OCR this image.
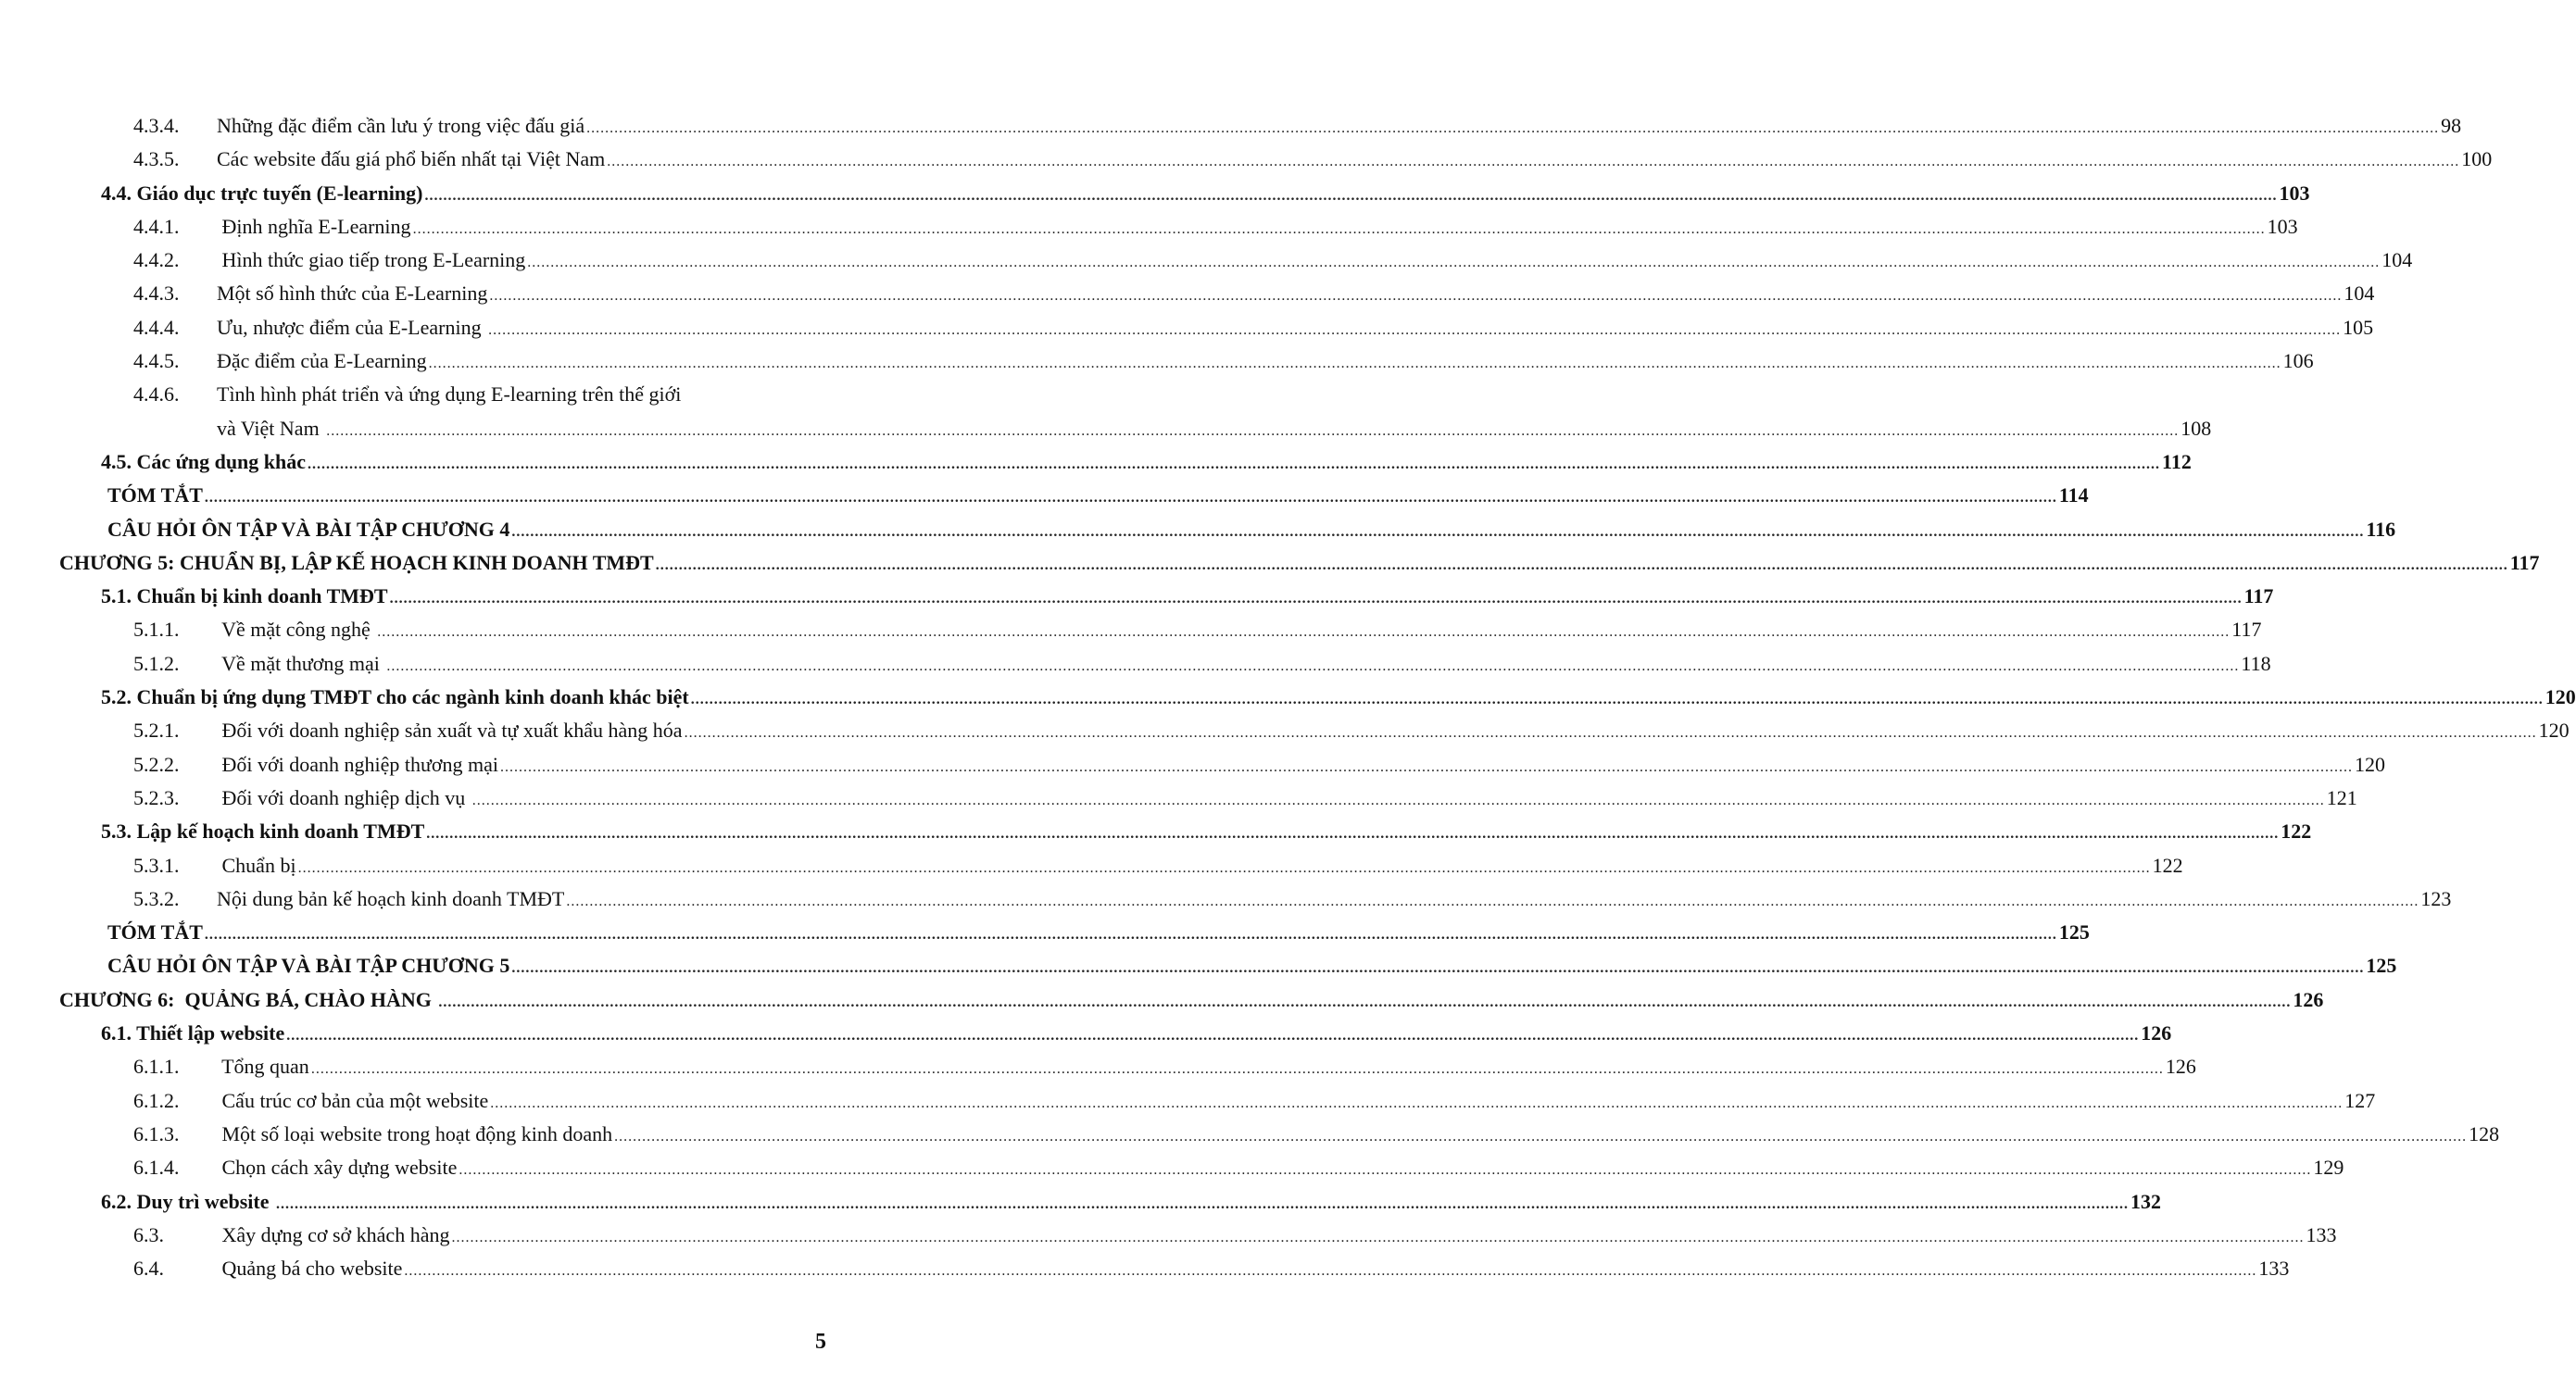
4.3.4. Những đặc điểm cần lưu ý trong việc đấu giá ................................................................................................................................................................................................................................................................................................................................................................................................................ 98
4.3.5. Các website đấu giá phổ biến nhất tại Việt Nam ................................................................................................................................................................................................................................................................................................................................................................................................................ 100
4.4. Giáo dục trực tuyến (E-learning) ................................................................................................................................................................................................................................................................................................................................................................................................................ 103
4.4.1. Định nghĩa E-Learning ................................................................................................................................................................................................................................................................................................................................................................................................................ 103
4.4.2. Hình thức giao tiếp trong E-Learning ................................................................................................................................................................................................................................................................................................................................................................................................................ 104
4.4.3. Một số hình thức của E-Learning ................................................................................................................................................................................................................................................................................................................................................................................................................ 104
4.4.4. Ưu, nhược điểm của E-Learning ................................................................................................................................................................................................................................................................................................................................................................................................................ 105
4.4.5. Đặc điểm của E-Learning ................................................................................................................................................................................................................................................................................................................................................................................................................ 106
4.4.6. Tình hình phát triển và ứng dụng E-learning trên thế giới
và Việt Nam ................................................................................................................................................................................................................................................................................................................................................................................................................ 108
4.5. Các ứng dụng khác ................................................................................................................................................................................................................................................................................................................................................................................................................ 112
TÓM TẮT ................................................................................................................................................................................................................................................................................................................................................................................................................ 114
CÂU HỎI ÔN TẬP VÀ BÀI TẬP CHƯƠNG 4 ................................................................................................................................................................................................................................................................................................................................................................................................................ 116
CHƯƠNG 5: CHUẨN BỊ, LẬP KẾ HOẠCH KINH DOANH TMĐT ................................................................................................................................................................................................................................................................................................................................................................................................................ 117
5.1. Chuẩn bị kinh doanh TMĐT ................................................................................................................................................................................................................................................................................................................................................................................................................ 117
5.1.1. Về mặt công nghệ ................................................................................................................................................................................................................................................................................................................................................................................................................ 117
5.1.2. Về mặt thương mại ................................................................................................................................................................................................................................................................................................................................................................................................................ 118
5.2. Chuẩn bị ứng dụng TMĐT cho các ngành kinh doanh khác biệt ................................................................................................................................................................................................................................................................................................................................................................................................................ 120
5.2.1. Đối với doanh nghiệp sản xuất và tự xuất khẩu hàng hóa ................................................................................................................................................................................................................................................................................................................................................................................................................ 120
5.2.2. Đối với doanh nghiệp thương mại ................................................................................................................................................................................................................................................................................................................................................................................................................ 120
5.2.3. Đối với doanh nghiệp dịch vụ ................................................................................................................................................................................................................................................................................................................................................................................................................ 121
5.3. Lập kế hoạch kinh doanh TMĐT ................................................................................................................................................................................................................................................................................................................................................................................................................ 122
5.3.1. Chuẩn bị ................................................................................................................................................................................................................................................................................................................................................................................................................ 122
5.3.2. Nội dung bản kế hoạch kinh doanh TMĐT ................................................................................................................................................................................................................................................................................................................................................................................................................ 123
TÓM TẮT ................................................................................................................................................................................................................................................................................................................................................................................................................ 125
CÂU HỎI ÔN TẬP VÀ BÀI TẬP CHƯƠNG 5 ................................................................................................................................................................................................................................................................................................................................................................................................................ 125
CHƯƠNG 6:  QUẢNG BÁ, CHÀO HÀNG ................................................................................................................................................................................................................................................................................................................................................................................................................ 126
6.1. Thiết lập website ................................................................................................................................................................................................................................................................................................................................................................................................................ 126
6.1.1. Tổng quan ................................................................................................................................................................................................................................................................................................................................................................................................................ 126
6.1.2. Cấu trúc cơ bản của một website ................................................................................................................................................................................................................................................................................................................................................................................................................ 127
6.1.3. Một số loại website trong hoạt động kinh doanh ................................................................................................................................................................................................................................................................................................................................................................................................................ 128
6.1.4. Chọn cách xây dựng website ................................................................................................................................................................................................................................................................................................................................................................................................................ 129
6.2. Duy trì website ................................................................................................................................................................................................................................................................................................................................................................................................................ 132
6.3.	Xây dựng cơ sở khách hàng ................................................................................................................................................................................................................................................................................................................................................................................................................ 133
6.4.	Quảng bá cho website ................................................................................................................................................................................................................................................................................................................................................................................................................ 133
5
